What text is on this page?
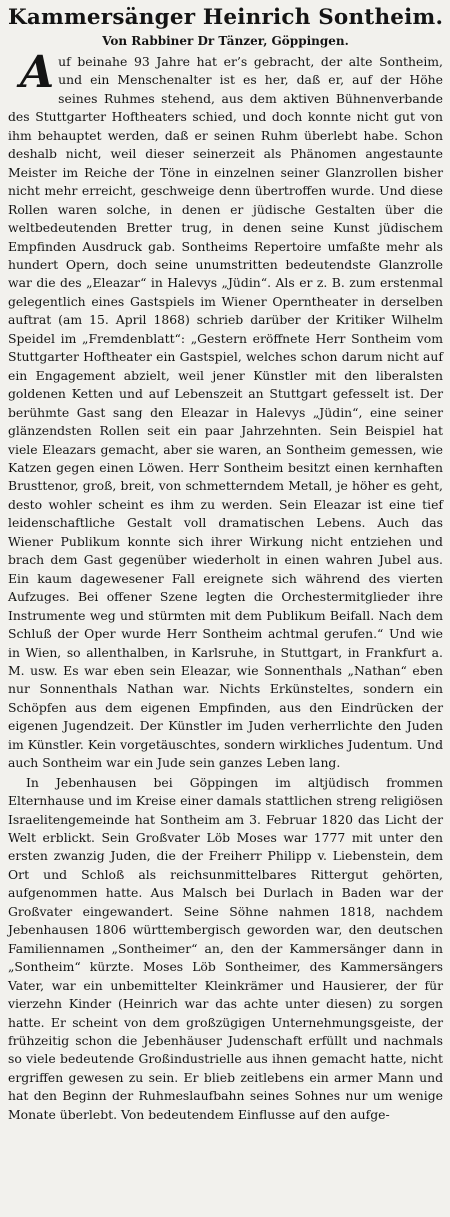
Kammersänger Heinrich Sontheim.
Von Rabbiner Dr Tänzer, Göppingen.

Auf beinahe 93 Jahre hat er’s gebracht, der alte Sontheim, und ein Menschenalter ist es her, daß er, auf der Höhe seines Ruhmes stehend, aus dem aktiven Bühnenverbande des Stuttgarter Hoftheaters schied, und doch konnte nicht gut von ihm behauptet werden, daß er seinen Ruhm überlebt habe. Schon deshalb nicht, weil dieser seinerzeit als Phänomen angestaunte Meister im Reiche der Töne in einzelnen seiner Glanzrollen bisher nicht mehr erreicht, geschweige denn übertroffen wurde. Und diese Rollen waren solche, in denen er jüdische Gestalten über die weltbedeutenden Bretter trug, in denen seine Kunst jüdischem Empfinden Ausdruck gab. Sontheims Repertoire umfaßte mehr als hundert Opern, doch seine unumstritten bedeutendste Glanzrolle war die des „Eleazar“ in Halevys „Jüdin“. Als er z. B. zum erstenmal gelegentlich eines Gastspiels im Wiener Operntheater in derselben auftrat (am 15. April 1868) schrieb darüber der Kritiker Wilhelm Speidel im „Fremdenblatt“: „Gestern eröffnete Herr Sontheim vom Stuttgarter Hoftheater ein Gastspiel, welches schon darum nicht auf ein Engagement abzielt, weil jener Künstler mit den liberalsten goldenen Ketten und auf Lebenszeit an Stuttgart gefesselt ist. Der berühmte Gast sang den Eleazar in Halevys „Jüdin“, eine seiner glänzendsten Rollen seit ein paar Jahrzehnten. Sein Beispiel hat viele Eleazars gemacht, aber sie waren, an Sontheim gemessen, wie Katzen gegen einen Löwen. Herr Sontheim besitzt einen kernhaften Brusttenor, groß, breit, von schmetterndem Metall, je höher es geht, desto wohler scheint es ihm zu werden. Sein Eleazar ist eine tief leidenschaftliche Gestalt voll dramatischen Lebens. Auch das Wiener Publikum konnte sich ihrer Wirkung nicht entziehen und brach dem Gast gegenüber wiederholt in einen wahren Jubel aus. Ein kaum dagewesener Fall ereignete sich während des vierten Aufzuges. Bei offener Szene legten die Orchestermitglieder ihre Instrumente weg und stürmten mit dem Publikum Beifall. Nach dem Schluß der Oper wurde Herr Sontheim achtmal gerufen.“ Und wie in Wien, so allenthalben, in Karlsruhe, in Stuttgart, in Frankfurt a. M. usw. Es war eben sein Eleazar, wie Sonnenthals „Nathan“ eben nur Sonnenthals Nathan war. Nichts Erkünsteltes, sondern ein Schöpfen aus dem eigenen Empfinden, aus den Eindrücken der eigenen Jugendzeit. Der Künstler im Juden verherrlichte den Juden im Künstler. Kein vorgetäuschtes, sondern wirkliches Judentum. Und auch Sontheim war ein Jude sein ganzes Leben lang.

In Jebenhausen bei Göppingen im altjüdisch frommen Elternhause und im Kreise einer damals stattlichen streng religiösen Israelitengemeinde hat Sontheim am 3. Februar 1820 das Licht der Welt erblickt. Sein Großvater Löb Moses war 1777 mit unter den ersten zwanzig Juden, die der Freiherr Philipp v. Liebenstein, dem Ort und Schloß als reichsunmittelbares Rittergut gehörten, aufgenommen hatte. Aus Malsch bei Durlach in Baden war der Großvater eingewandert. Seine Söhne nahmen 1818, nachdem Jebenhausen 1806 württembergisch geworden war, den deutschen Familiennamen „Sontheimer“ an, den der Kammersänger dann in „Sontheim“ kürzte. Moses Löb Sontheimer, des Kammersängers Vater, war ein unbemittelter Kleinkrämer und Hausierer, der für vierzehn Kinder (Heinrich war das achte unter diesen) zu sorgen hatte. Er scheint von dem großzügigen Unternehmungsgeiste, der frühzeitig schon die Jebenhäuser Judenschaft erfüllt und nachmals so viele bedeutende Großindustrielle aus ihnen gemacht hatte, nicht ergriffen gewesen zu sein. Er blieb zeitlebens ein armer Mann und hat den Beginn der Ruhmeslaufbahn seines Sohnes nur um wenige Monate überlebt. Von bedeutendem Einflusse auf den aufge-
